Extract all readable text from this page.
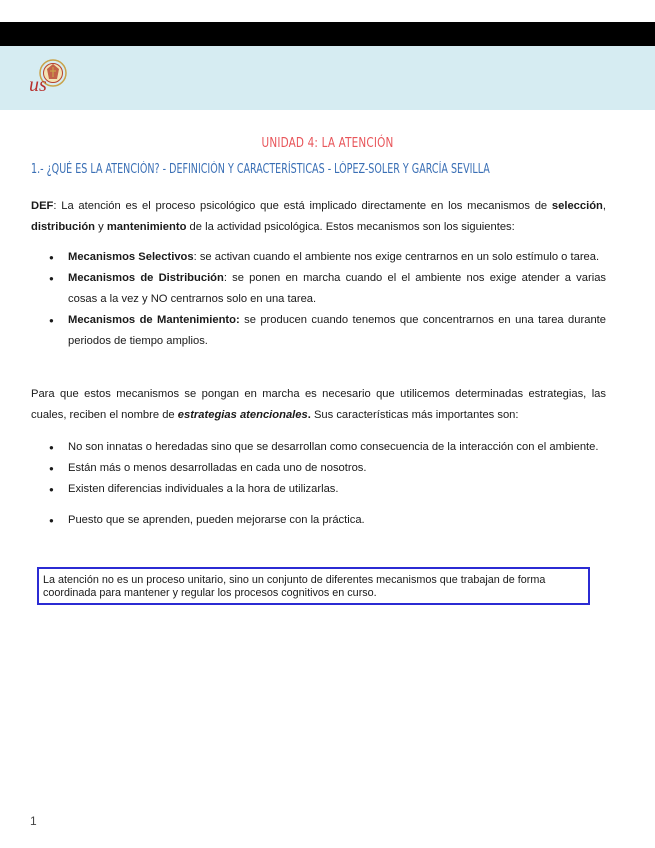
us
UNIDAD 4: LA ATENCIÓN
1.- ¿QUÉ ES LA ATENCIÓN? - DEFINICIÓN Y CARACTERÍSTICAS - LÓPEZ-SOLER Y GARCÍA SEVILLA

DEF: La atención es el proceso psicológico que está implicado directamente en los mecanismos de selección, distribución y mantenimiento de la actividad psicológica. Estos mecanismos son los siguientes:

● Mecanismos Selectivos: se activan cuando el ambiente nos exige centrarnos en un solo estímulo o tarea.
● Mecanismos de Distribución: se ponen en marcha cuando el el ambiente nos exige atender a varias cosas a la vez y NO centrarnos solo en una tarea.
● Mecanismos de Mantenimiento: se producen cuando tenemos que concentrarnos en una tarea durante periodos de tiempo amplios.

Para que estos mecanismos se pongan en marcha es necesario que utilicemos determinadas estrategias, las cuales, reciben el nombre de estrategias atencionales. Sus características más importantes son:

● No son innatas o heredadas sino que se desarrollan como consecuencia de la interacción con el ambiente.
● Están más o menos desarrolladas en cada uno de nosotros.
● Existen diferencias individuales a la hora de utilizarlas.
● Puesto que se aprenden, pueden mejorarse con la práctica.
La atención no es un proceso unitario, sino un conjunto de diferentes mecanismos que trabajan de forma coordinada para mantener y regular los procesos cognitivos en curso.
1
